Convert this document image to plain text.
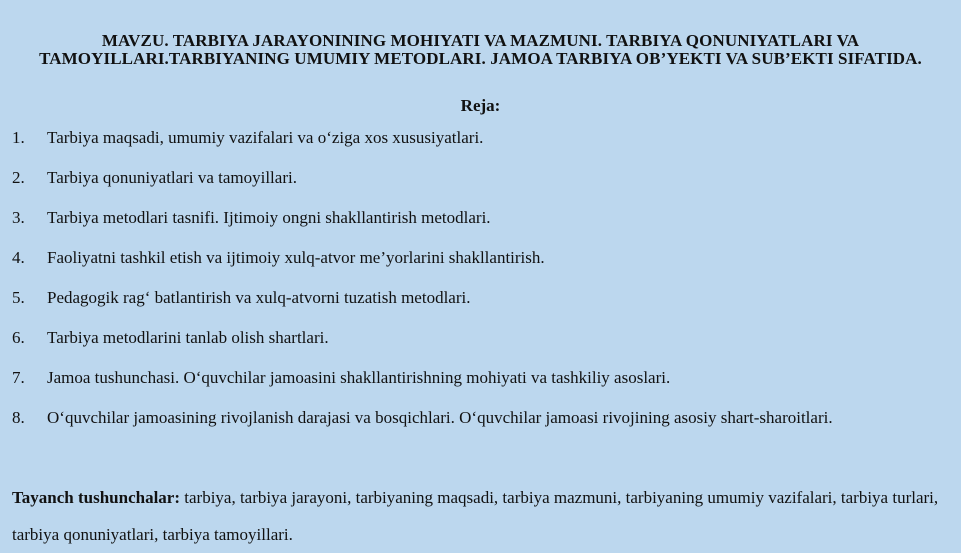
MAVZU. TARBIYA JARAYONINING MOHIYATI VA MAZMUNI. TARBIYA QONUNIYATLARI VA TAMOYILLARI.TARBIYANING UMUMIY METODLARI. JAMOA TARBIYA OB’YEKTI VA SUB’EKTI SIFATIDA.
Reja:
1. Tarbiya maqsadi, umumiy vazifalari va o‘ziga xos xususiyatlari.
2. Tarbiya qonuniyatlari va tamoyillari.
3. Tarbiya metodlari tasnifi. Ijtimoiy ongni shakllantirish metodlari.
4. Faoliyatni tashkil etish va ijtimoiy xulq-atvor me’yorlarini shakllantirish.
5. Pedagogik rag‘ batlantirish va xulq-atvorni tuzatish metodlari.
6. Tarbiya metodlarini tanlab olish shartlari.
7. Jamoa tushunchasi. O‘quvchilar jamoasini shakllantirishning mohiyati va tashkiliy asoslari.
8. O‘quvchilar jamoasining rivojlanish darajasi va bosqichlari. O‘quvchilar jamoasi rivojining asosiy shart-sharoitlari.
Tayanch tushunchalar: tarbiya, tarbiya jarayoni, tarbiyaning maqsadi, tarbiya mazmuni, tarbiyaning umumiy vazifalari, tarbiya turlari, tarbiya qonuniyatlari, tarbiya tamoyillari.
